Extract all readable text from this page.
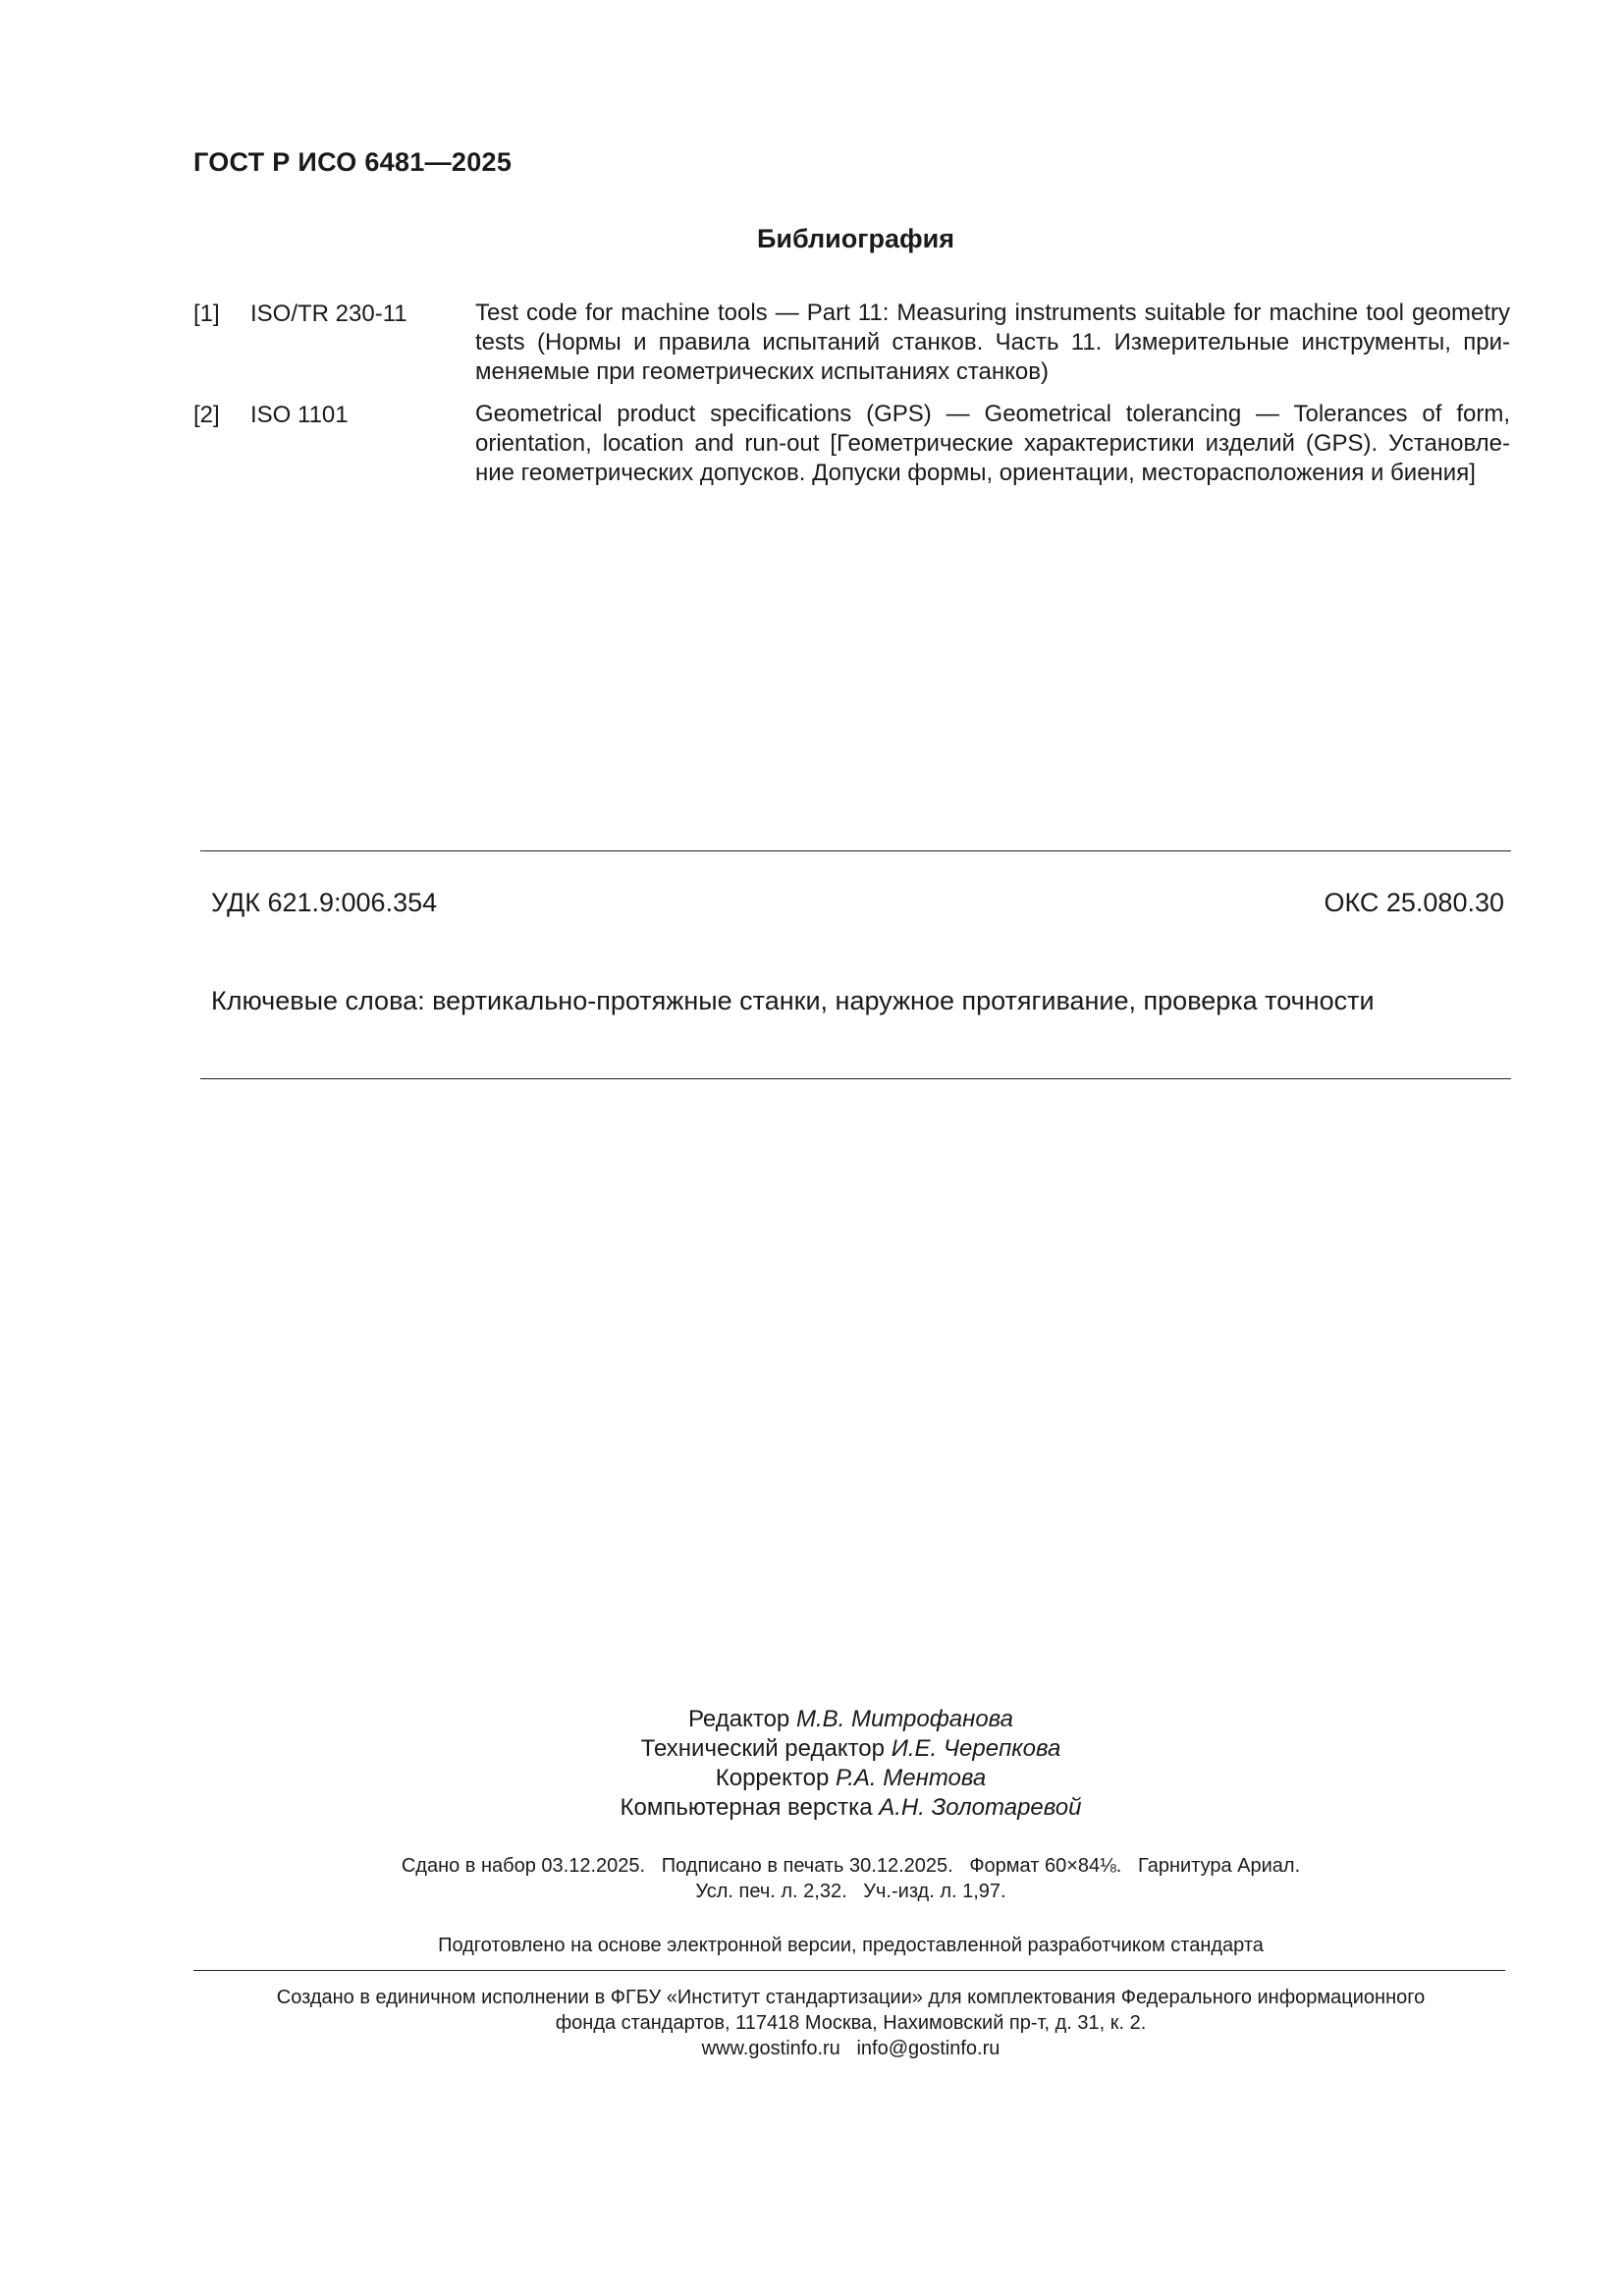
ГОСТ Р ИСО 6481—2025
Библиография
[1] ISO/TR 230-11	Test code for machine tools — Part 11: Measuring instruments suitable for machine tool geometry
tests (Нормы и правила испытаний станков. Часть 11. Измерительные инструменты, при-
меняемые при геометрических испытаниях станков)
[2] ISO 1101	Geometrical product specifications (GPS) — Geometrical tolerancing — Tolerances of form,
orientation, location and run-out [Геометрические характеристики изделий (GPS). Установле-
ние геометрических допусков. Допуски формы, ориентации, месторасположения и биения]
УДК 621.9:006.354	ОКС 25.080.30
Ключевые слова: вертикально-протяжные станки, наружное протягивание, проверка точности
Редактор М.В. Митрофанова
Технический редактор И.Е. Черепкова
Корректор Р.А. Ментова
Компьютерная верстка А.Н. Золотаревой
Сдано в набор 03.12.2025.   Подписано в печать 30.12.2025.   Формат 60×84⅛.   Гарнитура Ариал.
Усл. печ. л. 2,32.   Уч.-изд. л. 1,97.
Подготовлено на основе электронной версии, предоставленной разработчиком стандарта
Создано в единичном исполнении в ФГБУ «Институт стандартизации» для комплектования Федерального информационного
фонда стандартов, 117418 Москва, Нахимовский пр-т, д. 31, к. 2.
www.gostinfo.ru   info@gostinfo.ru
